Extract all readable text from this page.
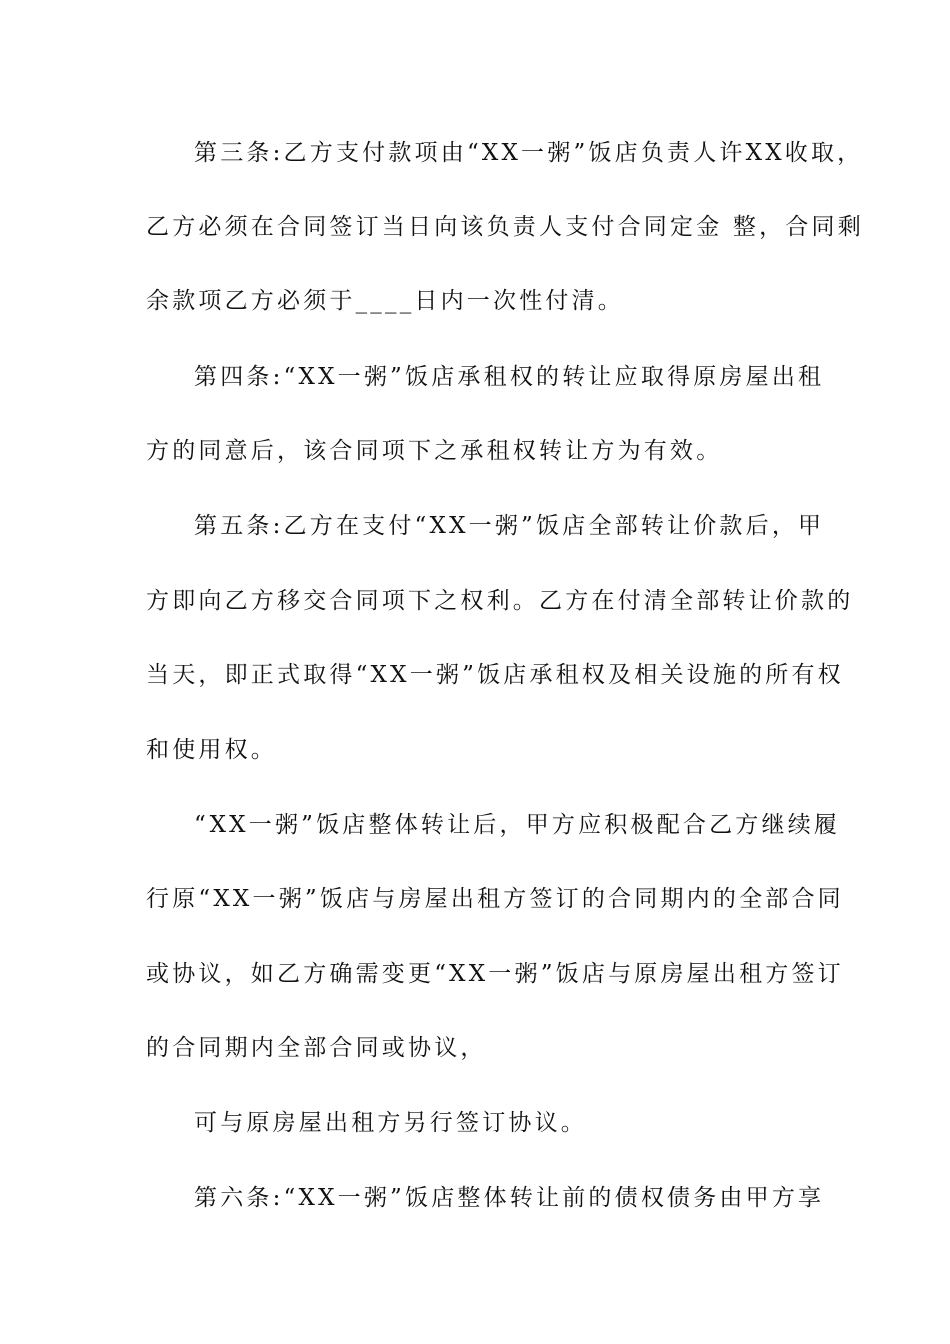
第三条:乙方支付款项由“XX一粥”饭店负责人许XX收取，
乙方必须在合同签订当日向该负责人支付合同定金 整，合同剩
余款项乙方必须于____日内一次性付清。
第四条:“XX一粥”饭店承租权的转让应取得原房屋出租
方的同意后，该合同项下之承租权转让方为有效。
第五条:乙方在支付“XX一粥”饭店全部转让价款后，甲
方即向乙方移交合同项下之权利。乙方在付清全部转让价款的
当天，即正式取得“XX一粥”饭店承租权及相关设施的所有权
和使用权。
“XX一粥”饭店整体转让后，甲方应积极配合乙方继续履
行原“XX一粥”饭店与房屋出租方签订的合同期内的全部合同
或协议，如乙方确需变更“XX一粥”饭店与原房屋出租方签订
的合同期内全部合同或协议，
可与原房屋出租方另行签订协议。
第六条:“XX一粥”饭店整体转让前的债权债务由甲方享
